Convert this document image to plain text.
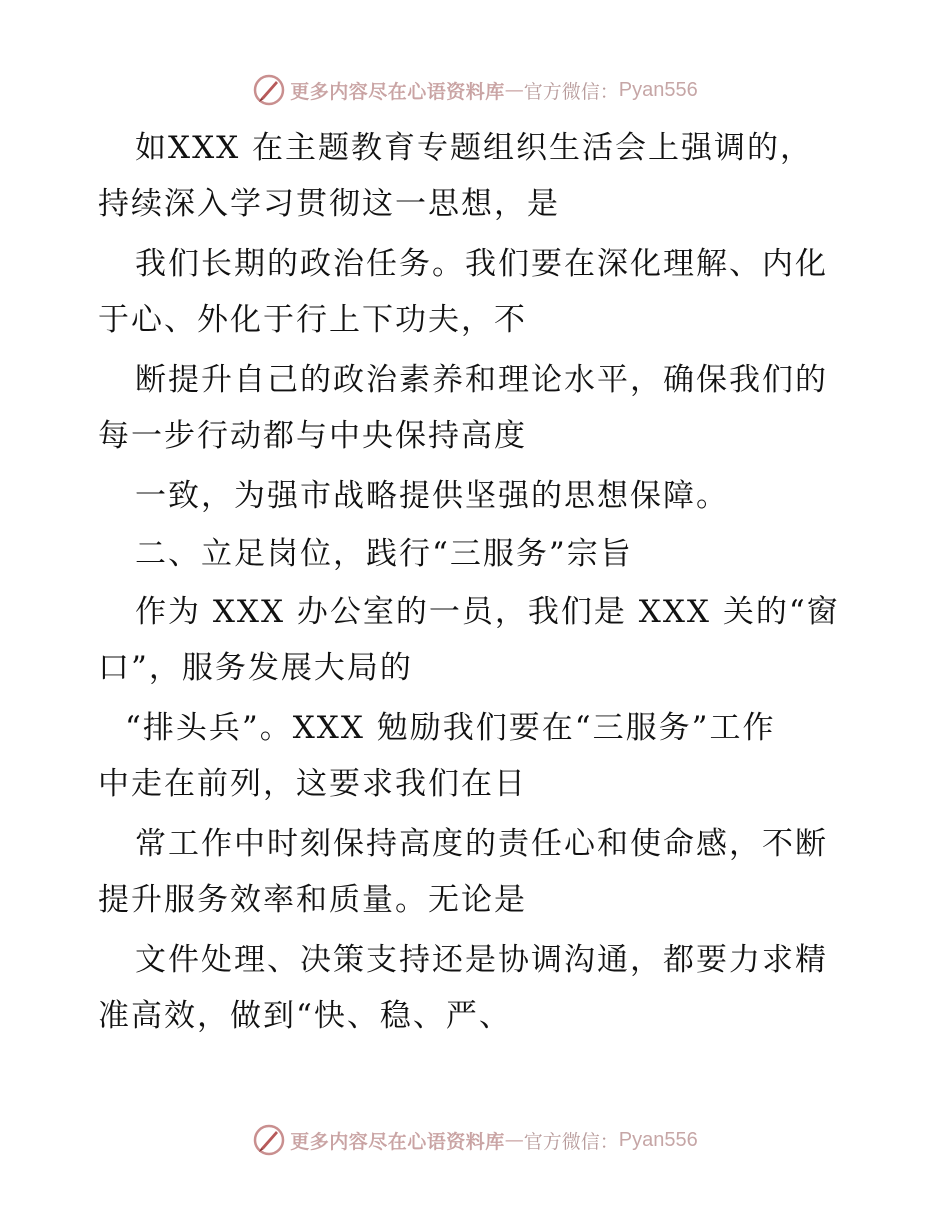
更多内容尽在心语资料库 — 官方微信： Pyan556
如XXX 在主题教育专题组织生活会上强调的，
持续深入学习贯彻这一思想，是
我们长期的政治任务。我们要在深化理解、内化
于心、外化于行上下功夫，不
断提升自己的政治素养和理论水平，确保我们的
每一步行动都与中央保持高度
一致，为强市战略提供坚强的思想保障。
二、立足岗位，践行“三服务”宗旨
作为 XXX 办公室的一员，我们是 XXX 关的“窗
口”，服务发展大局的
“排头兵”。XXX 勉励我们要在“三服务”工作
中走在前列，这要求我们在日
常工作中时刻保持高度的责任心和使命感，不断
提升服务效率和质量。无论是
文件处理、决策支持还是协调沟通，都要力求精
准高效，做到“快、稳、严、
更多内容尽在心语资料库 — 官方微信： Pyan556
